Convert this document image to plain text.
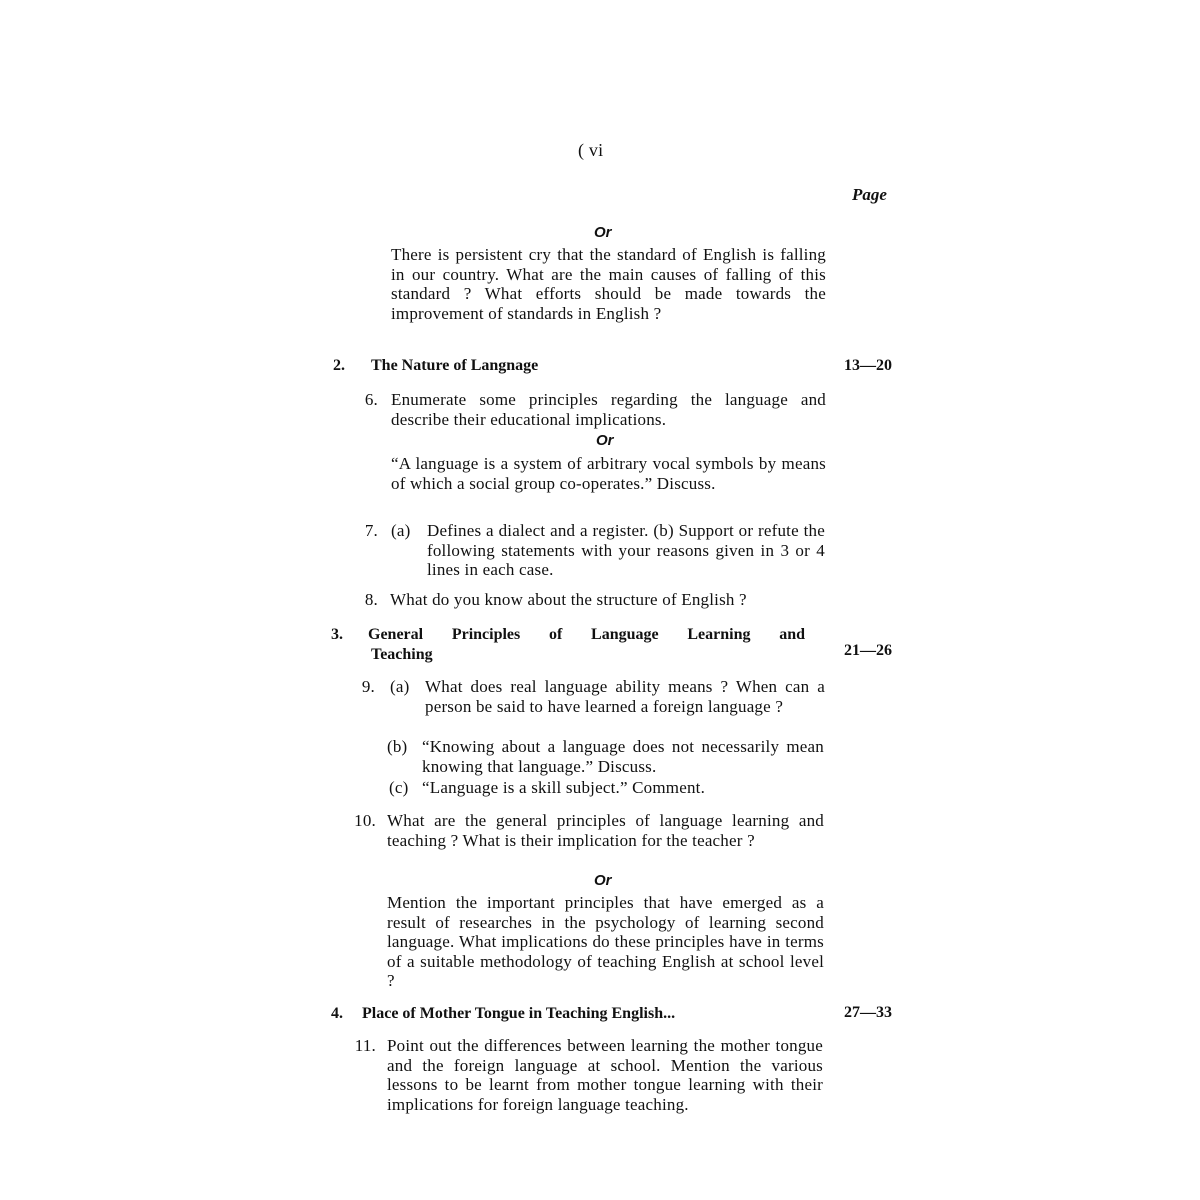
( vi
Page
Or
There is persistent cry that the standard of English is falling in our country. What are the main causes of falling of this standard ? What efforts should be made towards the improvement of standards in English ?
2. The Nature of Langnage	13—20
6. Enumerate some principles regarding the language and describe their educational implications.
Or
“A language is a system of arbitrary vocal symbols by means of which a social group co-operates.” Discuss.
7. (a) Defines a dialect and a register. (b) Support or refute the following statements with your reasons given in 3 or 4 lines in each case.
8. What do you know about the structure of English ?
3. General Principles of Language Learning and
Teaching	21—26
9. (a) What does real language ability means ? When can a person be said to have learned a foreign language ?
(b) “Knowing about a language does not necessarily mean knowing that language.” Discuss.
(c) “Language is a skill subject.” Comment.
10. What are the general principles of language learning and teaching ? What is their implication for the teacher ?
Or
Mention the important principles that have emerged as a result of researches in the psychology of learning second language. What implications do these principles have in terms of a suitable methodology of teaching English at school level ?
4. Place of Mother Tongue in Teaching English...	27—33
11. Point out the differences between learning the mother tongue and the foreign language at school. Mention the various lessons to be learnt from mother tongue learning with their implications for foreign language teaching.
